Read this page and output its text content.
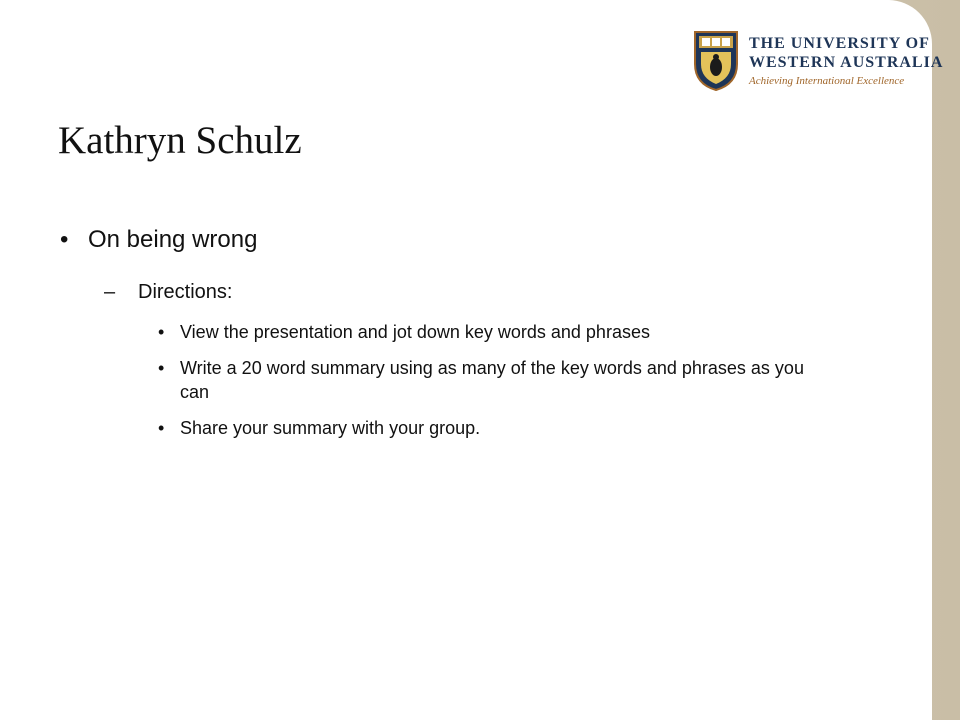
THE UNIVERSITY OF
WESTERN AUSTRALIA
Achieving International Excellence
Kathryn Schulz
• On being wrong
– Directions:
• View the presentation and jot down key words and phrases
• Write a 20 word summary using as many of the key words and phrases as you can
• Share your summary with your group.
